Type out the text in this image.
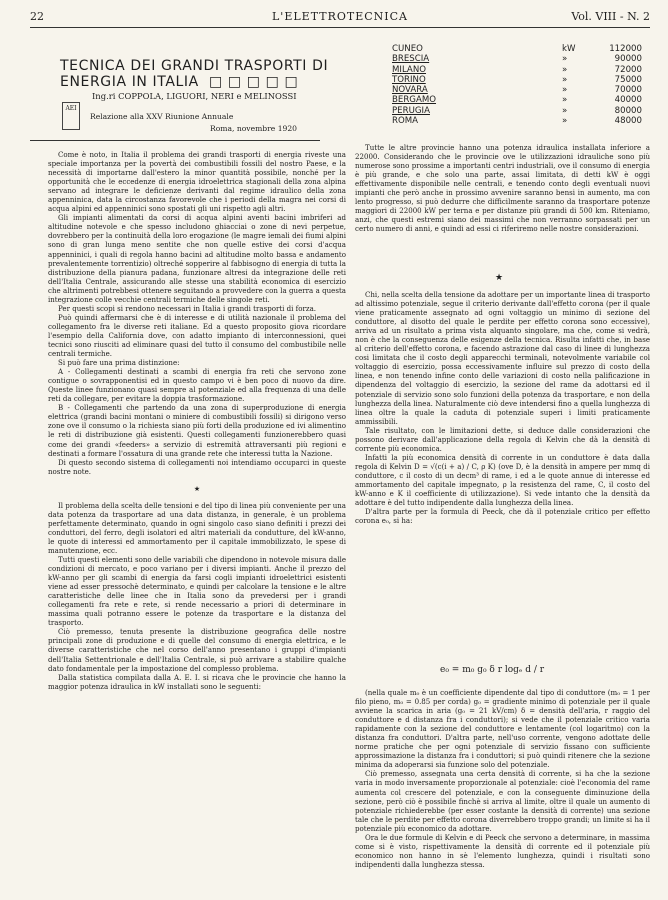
22	L'ELETTROTECNICA	Vol. VIII - N. 2
TECNICA DEI GRANDI TRASPORTI DI
ENERGIA IN ITALIA □ □ □ □ □
Ing.ri COPPOLA, LIGUORI, NERI e MELINOSSI
AEI
Relazione alla XXV Riunione Annuale
Roma, novembre 1920
CUNEO	kW	112000
BRESCIA	»	90000
MILANO	»	72000
TORINO	»	75000
NOVARA	»	70000
BERGAMO	»	40000
PERUGIA	»	80000
ROMA	»	48000

Come è noto, in Italia il problema dei grandi trasporti di energia riveste una speciale importanza per la povertà dei combustibili fossili del nostro Paese, e la necessità di importarne dall'estero la minor quantità possibile, nonché per la opportunità che le eccedenze di energia idroelettrica stagionali della zona alpina servano ad integrare le deficienze derivanti dal regime idraulico della zona appenninica, data la circostanza favorevole che i periodi della magra nei corsi di acqua alpini ed appenninici sono spostati gli uni rispetto agli altri.

Gli impianti alimentati da corsi di acqua alpini aventi bacini imbriferi ad altitudine notevole e che spesso includono ghiacciai o zone di nevi perpetue, dovrebbero per la continuità della loro erogazione (le magre iemali dei fiumi alpini sono di gran lunga meno sentite che non quelle estive dei corsi d'acqua appenninici, i quali di regola hanno bacini ad altitudine molto bassa e andamento prevalentemente torrentizio) oltreché sopperire al fabbisogno di energia di tutta la distribuzione della pianura padana, funzionare altresi da integrazione delle reti dell'Italia Centrale, assicurando alle stesse una stabilità economica di esercizio che altrimenti potrebbesi ottenere seguitando a provvedere con la guerra a questa integrazione colle vecchie centrali termiche delle singole reti.

Per questi scopi si rendono necessari in Italia i grandi trasporti di forza.

Può quindi affermarsi che è di interesse e di utilità nazionale il problema del collegamento fra le diverse reti italiane. Ed a questo proposito giova ricordare l'esempio della California dove, con adatto impianto di interconnessioni, quei tecnici sono riusciti ad eliminare quasi del tutto il consumo del combustibile nelle centrali termiche.

Si può fare una prima distinzione:

A - Collegamenti destinati a scambi di energia fra reti che servono zone contigue o sovrapponentisi ed in questo campo vi è ben poco di nuovo da dire. Queste linee funzionano quasi sempre al potenziale ed alla frequenza di una delle reti da collegare, per evitare la doppia trasformazione.

B - Collegamenti che partendo da una zona di superproduzione di energia elettrica (grandi bacini montani o miniere di combustibili fossili) si dirigono verso zone ove il consumo o la richiesta siano più forti della produzione ed ivi alimentino le reti di distribuzione già esistenti. Questi collegamenti funzionerebbero quasi come dei grandi «feeders» a servizio di estremità attraversanti più regioni e destinati a formare l'ossatura di una grande rete che interessi tutta la Nazione.

Di questo secondo sistema di collegamenti noi intendiamo occuparci in queste nostre note.

★

Il problema della scelta delle tensioni e del tipo di linea più conveniente per una data potenza da trasportare ad una data distanza, in generale, è un problema perfettamente determinato, quando in ogni singolo caso siano definiti i prezzi dei conduttori, del ferro, degli isolatori ed altri materiali da condutture, del kW-anno, le quote di interessi ed ammortamento per il capitale immobilizzato, le spese di manutenzione, ecc.

Tutti questi elementi sono delle variabili che dipendono in notevole misura dalle condizioni di mercato, e poco variano per i diversi impianti. Anche il prezzo del kW-anno per gli scambi di energia da farsi cogli impianti idroelettrici esistenti viene ad esser pressochè determinato, e quindi per calcolare la tensione e le altre caratteristiche delle linee che in Italia sono da prevedersi per i grandi collegamenti fra rete e rete, si rende necessario a priori di determinare in massima quali potranno essere le potenze da trasportare e la distanza del trasporto.

Ciò premesso, tenuta presente la distribuzione geografica delle nostre principali zone di produzione e di quelle del consumo di energia elettrica, e le diverse caratteristiche che nel corso dell'anno presentano i gruppi d'impianti dell'Italia Settentrionale e dell'Italia Centrale, si può arrivare a stabilire qualche dato fondamentale per la impostazione del complesso problema.

Dalla statistica compilata dalla A. E. I. si ricava che le provincie che hanno la maggior potenza idraulica in kW installati sono le seguenti:

Tutte le altre provincie hanno una potenza idraulica installata inferiore a 22000. Considerando che le provincie ove le utilizzazioni idrauliche sono più numerose sono prossime a importanti centri industriali, ove il consumo di energia è più grande, e che solo una parte, assai limitata, di detti kW è oggi effettivamente disponibile nelle centrali, e tenendo conto degli eventuali nuovi impianti che però anche in prossimo avvenire saranno bensi in aumento, ma con lento progresso, si può dedurre che difficilmente saranno da trasportare potenze maggiori di 22000 kW per terna e per distanze più grandi di 500 km. Riteniamo, anzi, che questi estremi siano dei massimi che non verranno sorpassati per un certo numero di anni, e quindi ad essi ci riferiremo nelle nostre considerazioni.

★

Chi, nella scelta della tensione da adottare per un importante linea di trasporto ad altissimo potenziale, segue il criterio derivante dall'effetto corona (per il quale viene praticamente assegnato ad ogni voltaggio un minimo di sezione del conduttore, al disotto del quale le perdite per effetto corona sono eccessive), arriva ad un risultato a prima vista alquanto singolare, ma che, come si vedrà, non è che la conseguenza delle esigenze della tecnica. Risulta infatti che, in base al criterio dell'effetto corona, e facendo astrazione dal caso di linee di lunghezza cosi limitata che il costo degli apparecchi terminali, notevolmente variabile col voltaggio di esercizio, possa eccessivamente influire sul prezzo di costo della linea, e non tenendo infine conto delle variazioni di costo nella palificazione in dipendenza del voltaggio di esercizio, la sezione del rame da adottarsi ed il potenziale di servizio sono solo funzioni della potenza da trasportare, e non della lunghezza della linea. Naturalmente ciò deve intendersi fino a quella lunghezza di linea oltre la quale la caduta di potenziale superi i limiti praticamente ammissibili.

Tale risultato, con le limitazioni dette, si deduce dalle considerazioni che possono derivare dall'applicazione della regola di Kelvin che dà la densità di corrente più economica.

Infatti la più economica densità di corrente in un conduttore è data dalla regola di Kelvin D = √(c(i + a) / C, ρ K) (ove D, è la densità in ampere per mmq di conduttore, c il costo di un decm³ di rame, i ed a le quote annue di interesse ed ammortamento del capitale impegnato, ρ la resistenza del rame, C, il costo del kW-anno e K il coefficiente di utilizzazione). Si vede intanto che la densità da adottare è del tutto indipendente dalla lunghezza della linea.

D'altra parte per la formula di Peeck, che dà il potenziale critico per effetto corona e₀, si ha:

e₀ = m₀ g₀ δ r logₑ d / r

(nella quale m₀ è un coefficiente dipendente dal tipo di conduttore (m₀ = 1 per filo pieno, m₀ = 0.85 per corda) g₀ = gradiente minimo di potenziale per il quale avviene la scarica in aria (g₀ = 21 kV/cm) δ = densità dell'aria, r raggio del conduttore e d distanza fra i conduttori); si vede che il potenziale critico varia rapidamente con la sezione del conduttore e lentamente (col logaritmo) con la distanza fra conduttori. D'altra parte, nell'uso corrente, vengono adottate delle norme pratiche che per ogni potenziale di servizio fissano con sufficiente approssimazione la distanza fra i conduttori; si può quindi ritenere che la sezione minima da adoperarsi sia funzione solo del potenziale.

Ciò premesso, assegnata una certa densità di corrente, si ha che la sezione varia in modo inversamente proporzionale al potenziale: cioè l'economia del rame aumenta col crescere del potenziale, e con la conseguente diminuzione della sezione, però ciò è possibile finchè si arriva al limite, oltre il quale un aumento di potenziale richiederebbe (per esser costante la densità di corrente) una sezione tale che le perdite per effetto corona diverrebbero troppo grandi; un limite si ha il potenziale più economico da adottare.

Ora le due formule di Kelvin e di Peeck che servono a determinare, in massima come si è visto, rispettivamente la densità di corrente ed il potenziale più economico non hanno in sè l'elemento lunghezza, quindi i risultati sono indipendenti dalla lunghezza stessa.
